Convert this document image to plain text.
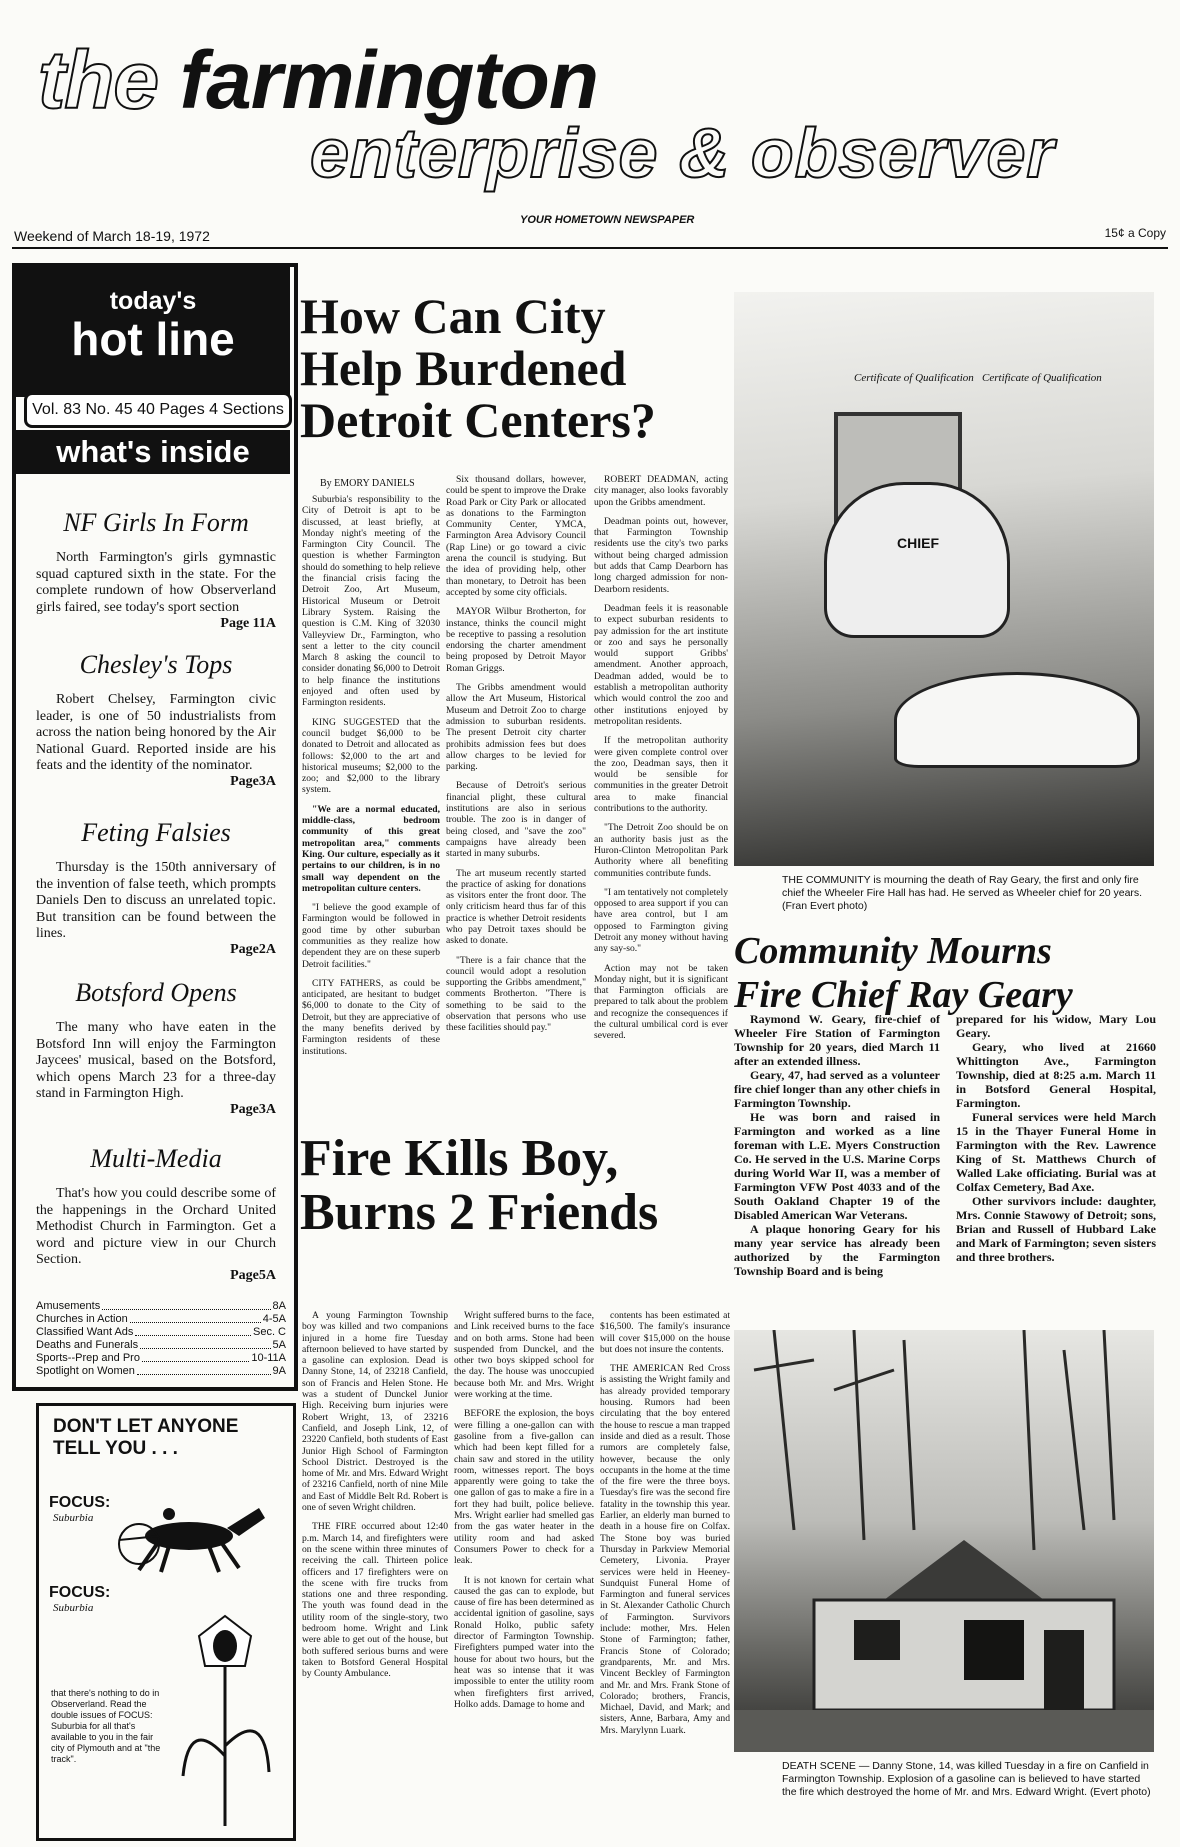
the farmington
enterprise & observer
YOUR HOMETOWN NEWSPAPER
Weekend of March 18-19, 1972	15¢ a Copy
today's
hot line
Vol. 83 No. 45 40 Pages 4 Sections
what's inside
NF Girls In Form

North Farmington's girls gymnastic squad captured sixth in the state. For the complete rundown of how Observerland girls faired, see today's sport section

Page 11A
Chesley's Tops

Robert Chelsey, Farmington civic leader, is one of 50 industrialists from across the nation being honored by the Air National Guard. Reported inside are his feats and the identity of the nominator.

Page3A
Feting Falsies

Thursday is the 150th anniversary of the invention of false teeth, which prompts Daniels Den to discuss an unrelated topic. But transition can be found between the lines.

Page2A
Botsford Opens

The many who have eaten in the Botsford Inn will enjoy the Farmington Jaycees' musical, based on the Botsford, which opens March 23 for a three-day stand in Farmington High.

Page3A
Multi-Media

That's how you could describe some of the happenings in the Orchard United Methodist Church in Farmington. Get a word and picture view in our Church Section.

Page5A
Amusements	8A
Churches in Action	4-5A
Classified Want Ads	Sec. C
Deaths and Funerals	5A
Sports--Prep and Pro	10-11A
Spotlight on Women	9A
DON'T LET ANYONE
TELL YOU . . .
FOCUS:
Suburbia
FOCUS:
Suburbia
that there's nothing to do in Observerland. Read the double issues of FOCUS: Suburbia for all that's available to you in the fair city of Plymouth and at "the track".
How Can City
Help Burdened
Detroit Centers?
By EMORY DANIELS

Suburbia's responsibility to the City of Detroit is apt to be discussed, at least briefly, at Monday night's meeting of the Farmington City Council. The question is whether Farmington should do something to help relieve the financial crisis facing the Detroit Zoo, Art Museum, Historical Museum or Detroit Library System. Raising the question is C.M. King of 32030 Valleyview Dr., Farmington, who sent a letter to the city council March 8 asking the council to consider donating $6,000 to Detroit to help finance the institutions enjoyed and often used by Farmington residents.

KING SUGGESTED that the council budget $6,000 to be donated to Detroit and allocated as follows: $2,000 to the art and historical museums; $2,000 to the zoo; and $2,000 to the library system.

"We are a normal educated, middle-class, bedroom community of this great metropolitan area," comments King. Our culture, especially as it pertains to our children, is in no small way dependent on the metropolitan culture centers.

"I believe the good example of Farmington would be followed in good time by other suburban communities as they realize how dependent they are on these superb Detroit facilities."

CITY FATHERS, as could be anticipated, are hesitant to budget $6,000 to donate to the City of Detroit, but they are appreciative of the many benefits derived by Farmington residents of these institutions.

Six thousand dollars, however, could be spent to improve the Drake Road Park or City Park or allocated as donations to the Farmington Community Center, YMCA, Farmington Area Advisory Council (Rap Line) or go toward a civic arena the council is studying. But the idea of providing help, other than monetary, to Detroit has been accepted by some city officials.

MAYOR Wilbur Brotherton, for instance, thinks the council might be receptive to passing a resolution endorsing the charter amendment being proposed by Detroit Mayor Roman Griggs.

The Gribbs amendment would allow the Art Museum, Historical Museum and Detroit Zoo to charge admission to suburban residents. The present Detroit city charter prohibits admission fees but does allow charges to be levied for parking.

Because of Detroit's serious financial plight, these cultural institutions are also in serious trouble. The zoo is in danger of being closed, and "save the zoo" campaigns have already been started in many suburbs.

The art museum recently started the practice of asking for donations as visitors enter the front door. The only criticism heard thus far of this practice is whether Detroit residents who pay Detroit taxes should be asked to donate.

"There is a fair chance that the council would adopt a resolution supporting the Gribbs amendment," comments Brotherton. "There is something to be said to the observation that persons who use these facilities should pay."

ROBERT DEADMAN, acting city manager, also looks favorably upon the Gribbs amendment.

Deadman points out, however, that Farmington Township residents use the city's two parks without being charged admission but adds that Camp Dearborn has long charged admission for non-Dearborn residents.

Deadman feels it is reasonable to expect suburban residents to pay admission for the art institute or zoo and says he personally would support Gribbs' amendment. Another approach, Deadman added, would be to establish a metropolitan authority which would control the zoo and other institutions enjoyed by metropolitan residents.

If the metropolitan authority were given complete control over the zoo, Deadman says, then it would be sensible for communities in the greater Detroit area to make financial contributions to the authority.

"The Detroit Zoo should be on an authority basis just as the Huron-Clinton Metropolitan Park Authority where all benefiting communities contribute funds.

"I am tentatively not completely opposed to area support if you can have area control, but I am opposed to Farmington giving Detroit any money without having any say-so."

Action may not be taken Monday night, but it is significant that Farmington officials are prepared to talk about the problem and recognize the consequences if the cultural umbilical cord is ever severed.

Certificate of Qualification Certificate of Qualification
CHIEF
THE COMMUNITY is mourning the death of Ray Geary, the first and only fire chief the Wheeler Fire Hall has had. He served as Wheeler chief for 20 years. (Fran Evert photo)
Community Mourns
Fire Chief Ray Geary

Raymond W. Geary, fire-chief of Wheeler Fire Station of Farmington Township for 20 years, died March 11 after an extended illness.

Geary, 47, had served as a volunteer fire chief longer than any other chiefs in Farmington Township.

He was born and raised in Farmington and worked as a line foreman with L.E. Myers Construction Co. He served in the U.S. Marine Corps during World War II, was a member of Farmington VFW Post 4033 and of the South Oakland Chapter 19 of the Disabled American War Veterans.

A plaque honoring Geary for his many year service has already been authorized by the Farmington Township Board and is being

prepared for his widow, Mary Lou Geary.

Geary, who lived at 21660 Whittington Ave., Farmington Township, died at 8:25 a.m. March 11 in Botsford General Hospital, Farmington.

Funeral services were held March 15 in the Thayer Funeral Home in Farmington with the Rev. Lawrence King of St. Matthews Church of Walled Lake officiating. Burial was at Colfax Cemetery, Bad Axe.

Other survivors include: daughter, Mrs. Connie Stawowy of Detroit; sons, Brian and Russell of Hubbard Lake and Mark of Farmington; seven sisters and three brothers.

Fire Kills Boy,
Burns 2 Friends

A young Farmington Township boy was killed and two companions injured in a home fire Tuesday afternoon believed to have started by a gasoline can explosion. Dead is Danny Stone, 14, of 23218 Canfield, son of Francis and Helen Stone. He was a student of Dunckel Junior High. Receiving burn injuries were Robert Wright, 13, of 23216 Canfield, and Joseph Link, 12, of 23220 Canfield, both students of East Junior High School of Farmington School District. Destroyed is the home of Mr. and Mrs. Edward Wright of 23216 Canfield, north of nine Mile and East of Middle Belt Rd. Robert is one of seven Wright children.

THE FIRE occurred about 12:40 p.m. March 14, and firefighters were on the scene within three minutes of receiving the call. Thirteen police officers and 17 firefighters were on the scene with fire trucks from stations one and three responding. The youth was found dead in the utility room of the single-story, two bedroom home. Wright and Link were able to get out of the house, but both suffered serious burns and were taken to Botsford General Hospital by County Ambulance.

Wright suffered burns to the face, and Link received burns to the face and on both arms. Stone had been suspended from Dunckel, and the other two boys skipped school for the day. The house was unoccupied because both Mr. and Mrs. Wright were working at the time.

BEFORE the explosion, the boys were filling a one-gallon can with gasoline from a five-gallon can which had been kept filled for a chain saw and stored in the utility room, witnesses report. The boys apparently were going to take the one gallon of gas to make a fire in a fort they had built, police believe. Mrs. Wright earlier had smelled gas from the gas water heater in the utility room and had asked Consumers Power to check for a leak.

It is not known for certain what caused the gas can to explode, but cause of fire has been determined as accidental ignition of gasoline, says Ronald Holko, public safety director of Farmington Township. Firefighters pumped water into the house for about two hours, but the heat was so intense that it was impossible to enter the utility room when firefighters first arrived, Holko adds. Damage to home and

contents has been estimated at $16,500. The family's insurance will cover $15,000 on the house but does not insure the contents.

THE AMERICAN Red Cross is assisting the Wright family and has already provided temporary housing. Rumors had been circulating that the boy entered the house to rescue a man trapped inside and died as a result. Those rumors are completely false, however, because the only occupants in the home at the time of the fire were the three boys. Tuesday's fire was the second fire fatality in the township this year. Earlier, an elderly man burned to death in a house fire on Colfax. The Stone boy was buried Thursday in Parkview Memorial Cemetery, Livonia. Prayer services were held in Heeney-Sundquist Funeral Home of Farmington and funeral services in St. Alexander Catholic Church of Farmington. Survivors include: mother, Mrs. Helen Stone of Farmington; father, Francis Stone of Colorado; grandparents, Mr. and Mrs. Vincent Beckley of Farmington and Mr. and Mrs. Frank Stone of Colorado; brothers, Francis, Michael, David, and Mark; and sisters, Anne, Barbara, Amy and Mrs. Marylynn Luark.

DEATH SCENE — Danny Stone, 14, was killed Tuesday in a fire on Canfield in Farmington Township. Explosion of a gasoline can is believed to have started the fire which destroyed the home of Mr. and Mrs. Edward Wright. (Evert photo)
